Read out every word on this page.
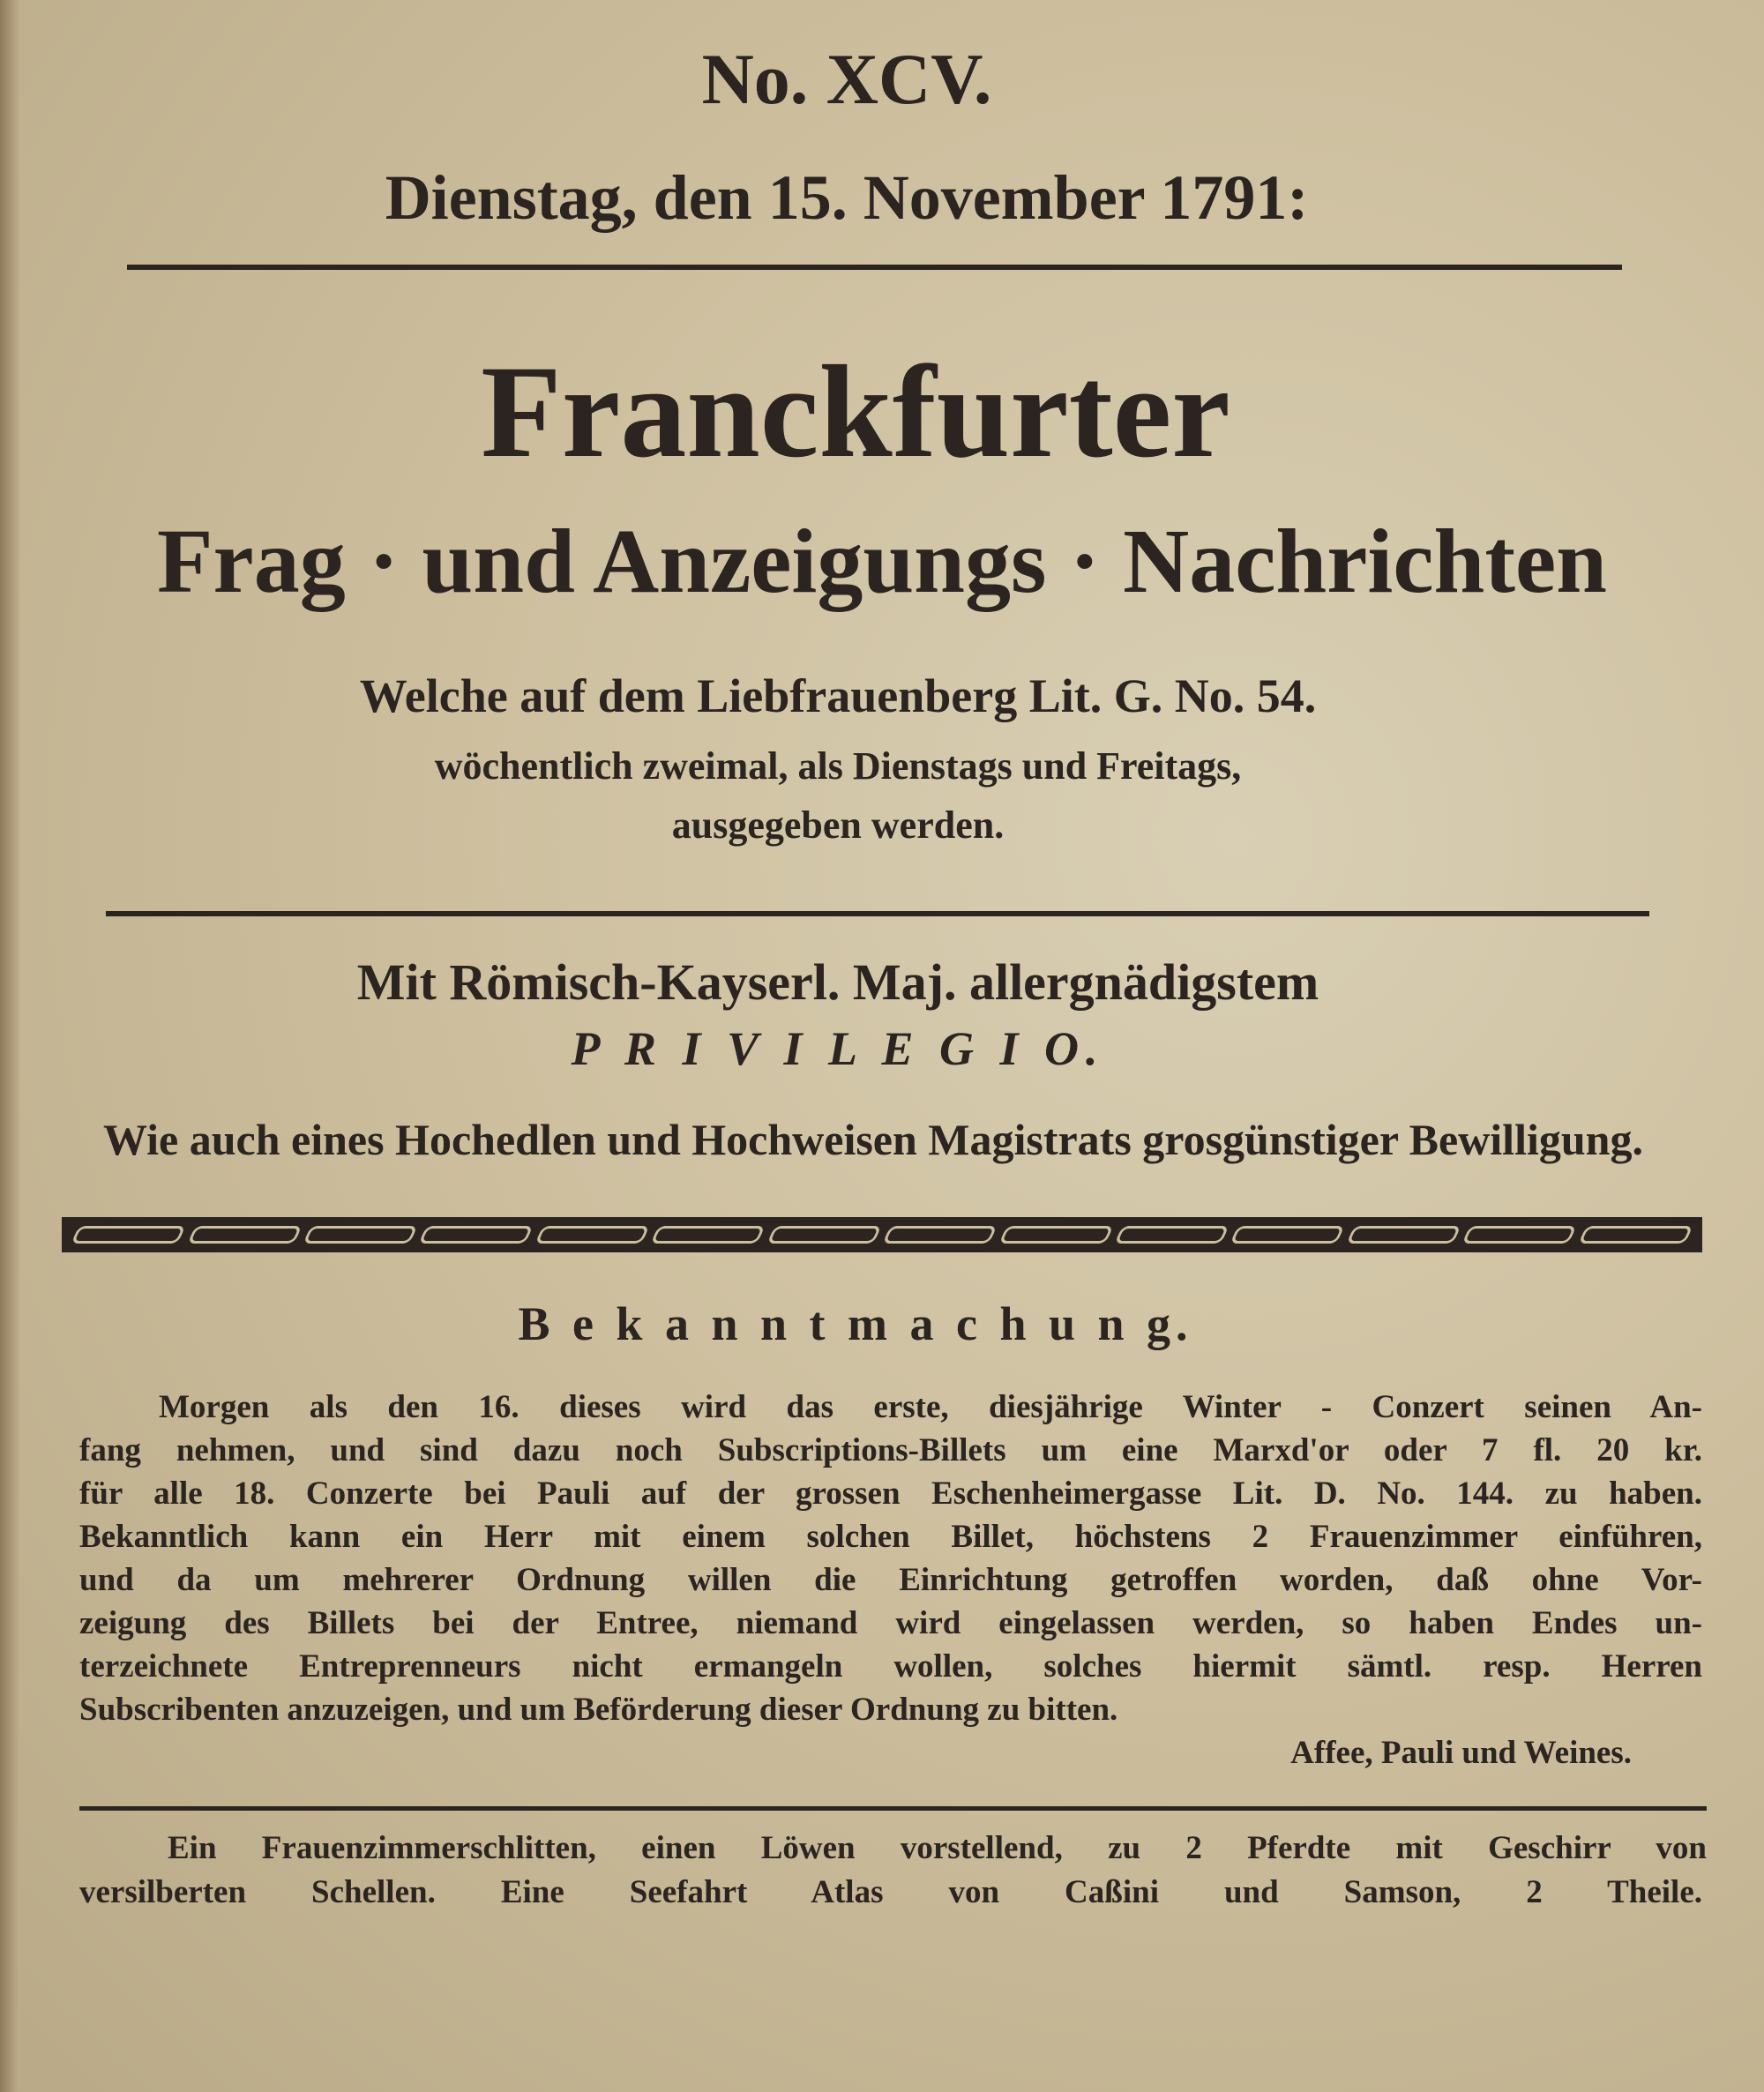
No. XCV.
Dienstag, den 15. November 1791:
Franckfurter
Frag · und Anzeigungs · Nachrichten
Welche auf dem Liebfrauenberg Lit. G. No. 54.
wöchentlich zweimal, als Dienstags und Freitags,
ausgegeben werden.
Mit Römisch-Kayserl. Maj. allergnädigstem
P R I V I L E G I O.
Wie auch eines Hochedlen und Hochweisen Magistrats grosgünstiger Bewilligung.
B e k a n n t m a c h u n g.
Morgen als den 16. dieses wird das erste, diesjährige Winter - Conzert seinen An-
fang nehmen, und sind dazu noch Subscriptions-Billets um eine Marxd'or oder 7 fl. 20 kr.
für alle 18. Conzerte bei Pauli auf der grossen Eschenheimergasse Lit. D. No. 144. zu haben.
Bekanntlich kann ein Herr mit einem solchen Billet, höchstens 2 Frauenzimmer einführen,
und da um mehrerer Ordnung willen die Einrichtung getroffen worden, daß ohne Vor-
zeigung des Billets bei der Entree, niemand wird eingelassen werden, so haben Endes un-
terzeichnete Entreprenneurs nicht ermangeln wollen, solches hiermit sämtl. resp. Herren
Subscribenten anzuzeigen, und um Beförderung dieser Ordnung zu bitten.
Affee, Pauli und Weines.
Ein Frauenzimmerschlitten, einen Löwen vorstellend, zu 2 Pferdte mit Geschirr von
versilberten Schellen. Eine Seefahrt Atlas von Caßini und Samson, 2 Theile.
